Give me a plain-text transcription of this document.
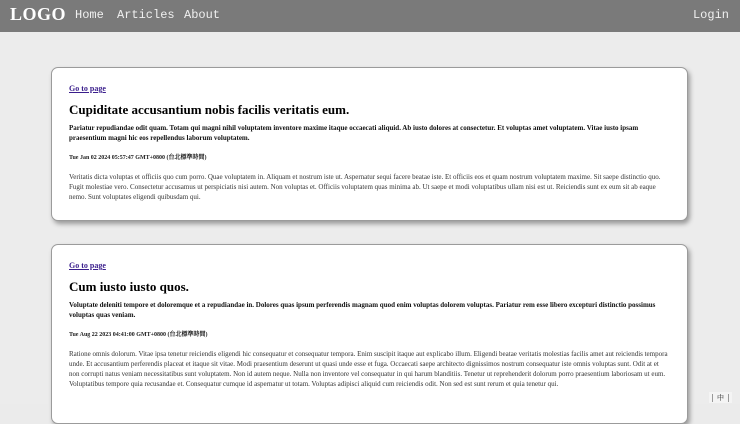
LOGO Home Articles About	Login
Go to page
Cupiditate accusantium nobis facilis veritatis eum.

Pariatur repudiandae odit quam. Totam qui magni nihil voluptatem inventore maxime itaque occaecati aliquid. Ab iusto dolores at consectetur. Et voluptas amet voluptatem. Vitae iusto ipsam praesentium magni hic eos repellendus laborum voluptatem.

Tue Jan 02 2024 05:57:47 GMT+0800 (台北標準時間)

Veritatis dicta voluptas et officiis quo cum porro. Quae voluptatem in. Aliquam et nostrum iste ut. Aspernatur sequi facere beatae iste. Et officiis eos et quam nostrum voluptatem maxime. Sit saepe distinctio quo. Fugit molestiae vero. Consectetur accusamus ut perspiciatis nisi autem. Non voluptas et. Officiis voluptatem quas minima ab. Ut saepe et modi voluptatibus ullam nisi est ut. Reiciendis sunt ex eum sit ab eaque nemo. Sunt voluptates eligendi quibusdam qui.

Go to page
Cum iusto iusto quos.

Voluptate deleniti tempore et doloremque et a repudiandae in. Dolores quas ipsum perferendis magnam quod enim voluptas dolorem voluptas. Pariatur rem esse libero excepturi distinctio possimus voluptas quas veniam.

Tue Aug 22 2023 04:41:00 GMT+0800 (台北標準時間)

Ratione omnis dolorum. Vitae ipsa tenetur reiciendis eligendi hic consequatur et consequatur tempora. Enim suscipit itaque aut explicabo illum. Eligendi beatae veritatis molestias facilis amet aut reiciendis tempora unde. Et accusantium perferendis placeat et itaque sit vitae. Modi praesentium deserunt ut quasi unde esse et fuga. Occaecati saepe architecto dignissimos nostrum consequatur iste omnis voluptas sunt. Odit at et non corrupti natus veniam necessitatibus sunt voluptatem. Non id autem neque. Nulla non inventore vel consequatur in qui harum blanditiis. Tenetur ut reprehenderit dolorum porro praesentium laboriosam ut eum. Voluptatibus tempore quia recusandae et. Consequatur cumque id aspernatur ut totam. Voluptas adipisci aliquid cum reiciendis odit. Non sed est sunt rerum et quia tenetur qui.

中
